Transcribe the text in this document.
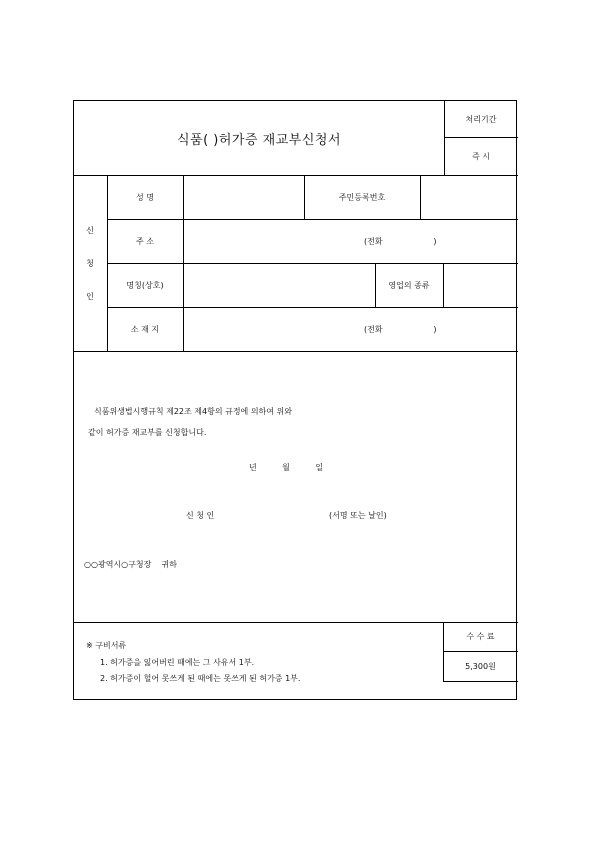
식품( )허가증 재교부신청서
처리기간
즉 시
신
청
인
성 명	주민등록번호
주 소	(전화                    )
명칭(상호)	영업의 종류
소 재 지	(전화                    )
식품위생법시행규칙 제22조 제4항의 규정에 의하여 위와
같이 허가증 재교부를 신청합니다.
년          월          일
신 청 인	(서명 또는 날인)
○○광역시○구청장    귀하
※ 구비서류
1. 허가증을 잃어버린 때에는 그 사유서 1부.
2. 허가증이 헐어 못쓰게 된 때에는 못쓰게 된 허가증 1부.
수 수 료
5,300원
